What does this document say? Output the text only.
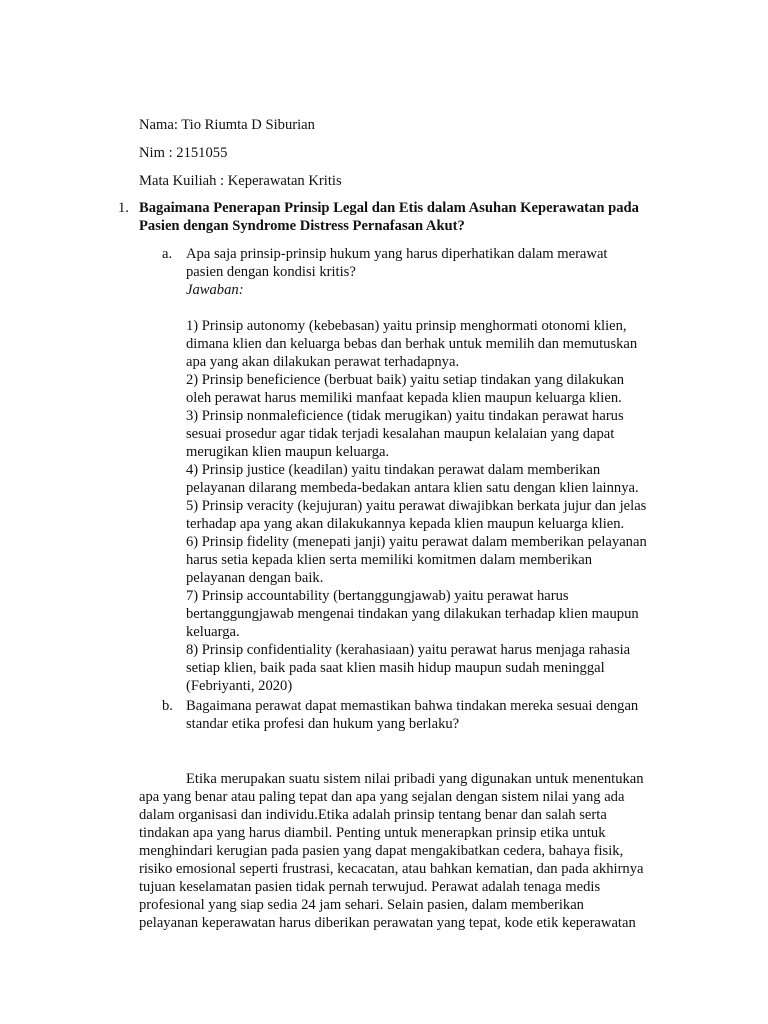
Nama: Tio Riumta D Siburian
Nim : 2151055
Mata Kuiliah : Keperawatan Kritis
1. Bagaimana Penerapan Prinsip Legal dan Etis dalam Asuhan Keperawatan pada
Pasien dengan Syndrome Distress Pernafasan Akut?
a. Apa saja prinsip-prinsip hukum yang harus diperhatikan dalam merawat
pasien dengan kondisi kritis?
Jawaban:
1) Prinsip autonomy (kebebasan) yaitu prinsip menghormati otonomi klien,
dimana klien dan keluarga bebas dan berhak untuk memilih dan memutuskan
apa yang akan dilakukan perawat terhadapnya.
2) Prinsip beneficience (berbuat baik) yaitu setiap tindakan yang dilakukan
oleh perawat harus memiliki manfaat kepada klien maupun keluarga klien.
3) Prinsip nonmaleficience (tidak merugikan) yaitu tindakan perawat harus
sesuai prosedur agar tidak terjadi kesalahan maupun kelalaian yang dapat
merugikan klien maupun keluarga.
4) Prinsip justice (keadilan) yaitu tindakan perawat dalam memberikan
pelayanan dilarang membeda-bedakan antara klien satu dengan klien lainnya.
5) Prinsip veracity (kejujuran) yaitu perawat diwajibkan berkata jujur dan jelas
terhadap apa yang akan dilakukannya kepada klien maupun keluarga klien.
6) Prinsip fidelity (menepati janji) yaitu perawat dalam memberikan pelayanan
harus setia kepada klien serta memiliki komitmen dalam memberikan
pelayanan dengan baik.
7) Prinsip accountability (bertanggungjawab) yaitu perawat harus
bertanggungjawab mengenai tindakan yang dilakukan terhadap klien maupun
keluarga.
8) Prinsip confidentiality (kerahasiaan) yaitu perawat harus menjaga rahasia
setiap klien, baik pada saat klien masih hidup maupun sudah meninggal
(Febriyanti, 2020)
b. Bagaimana perawat dapat memastikan bahwa tindakan mereka sesuai dengan
standar etika profesi dan hukum yang berlaku?
Etika merupakan suatu sistem nilai pribadi yang digunakan untuk menentukan
apa yang benar atau paling tepat dan apa yang sejalan dengan sistem nilai yang ada
dalam organisasi dan individu.Etika adalah prinsip tentang benar dan salah serta
tindakan apa yang harus diambil. Penting untuk menerapkan prinsip etika untuk
menghindari kerugian pada pasien yang dapat mengakibatkan cedera, bahaya fisik,
risiko emosional seperti frustrasi, kecacatan, atau bahkan kematian, dan pada akhirnya
tujuan keselamatan pasien tidak pernah terwujud. Perawat adalah tenaga medis
profesional yang siap sedia 24 jam sehari. Selain pasien, dalam memberikan
pelayanan keperawatan harus diberikan perawatan yang tepat, kode etik keperawatan
